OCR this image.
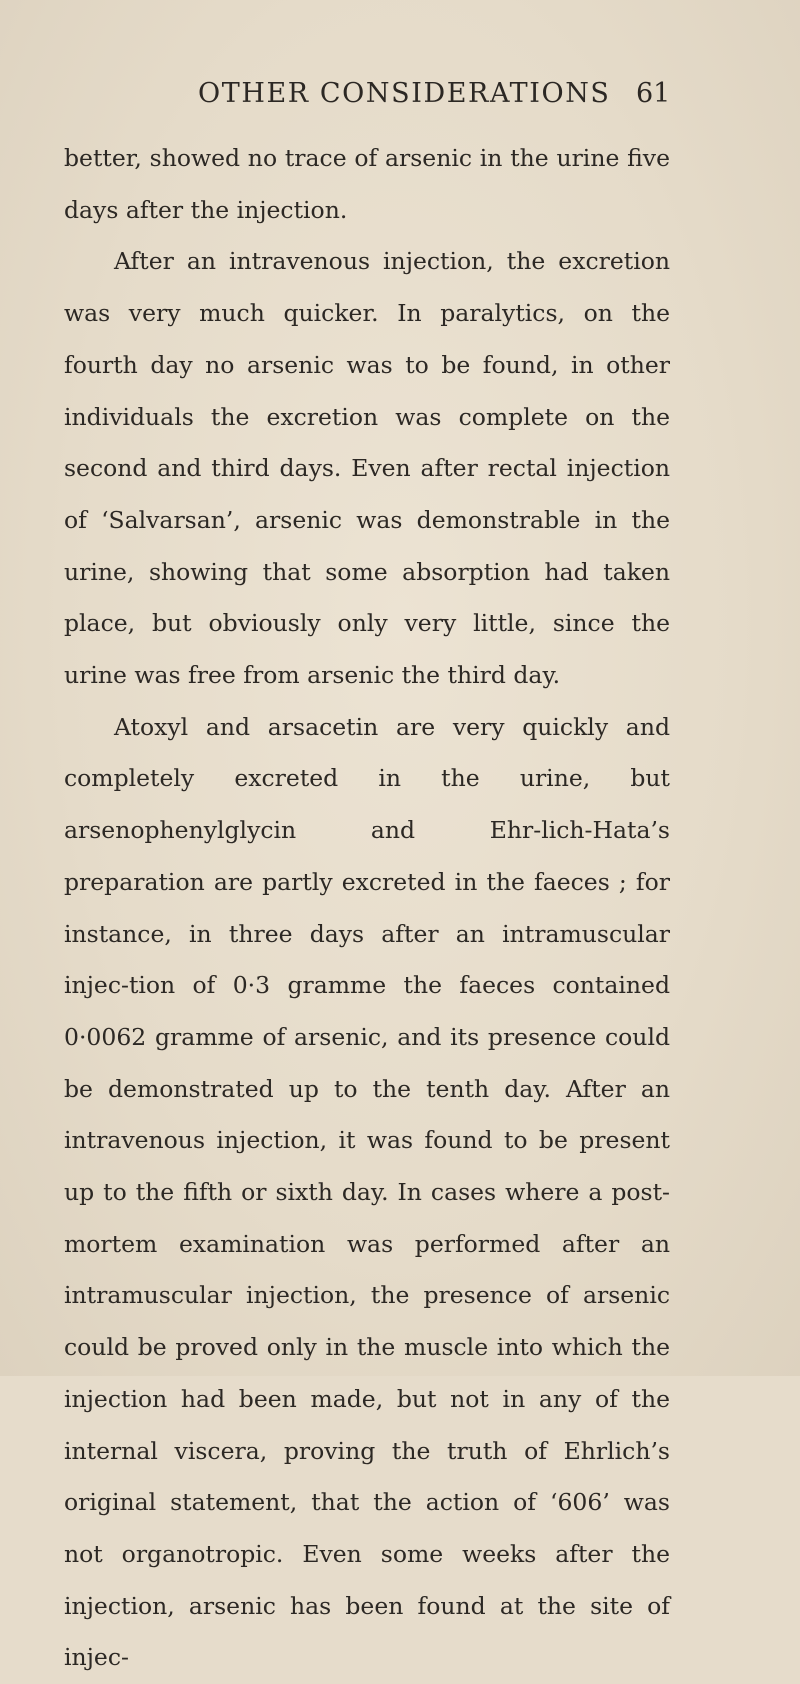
OTHER CONSIDERATIONS 61

better, showed no trace of arsenic in the urine five days after the injection.

After an intravenous injection, the excretion was very much quicker. In paralytics, on the fourth day no arsenic was to be found, in other individuals the excretion was complete on the second and third days. Even after rectal injection of ‘Salvarsan’, arsenic was demonstrable in the urine, showing that some absorption had taken place, but obviously only very little, since the urine was free from arsenic the third day.

Atoxyl and arsacetin are very quickly and completely excreted in the urine, but arsenophenylglycin and Ehr-lich-Hata’s preparation are partly excreted in the faeces ; for instance, in three days after an intramuscular injec-tion of 0·3 gramme the faeces contained 0·0062 gramme of arsenic, and its presence could be demonstrated up to the tenth day. After an intravenous injection, it was found to be present up to the fifth or sixth day. In cases where a post-mortem examination was performed after an intramuscular injection, the presence of arsenic could be proved only in the muscle into which the injection had been made, but not in any of the internal viscera, proving the truth of Ehrlich’s original statement, that the action of ‘606’ was not organotropic. Even some weeks after the injection, arsenic has been found at the site of injec-
